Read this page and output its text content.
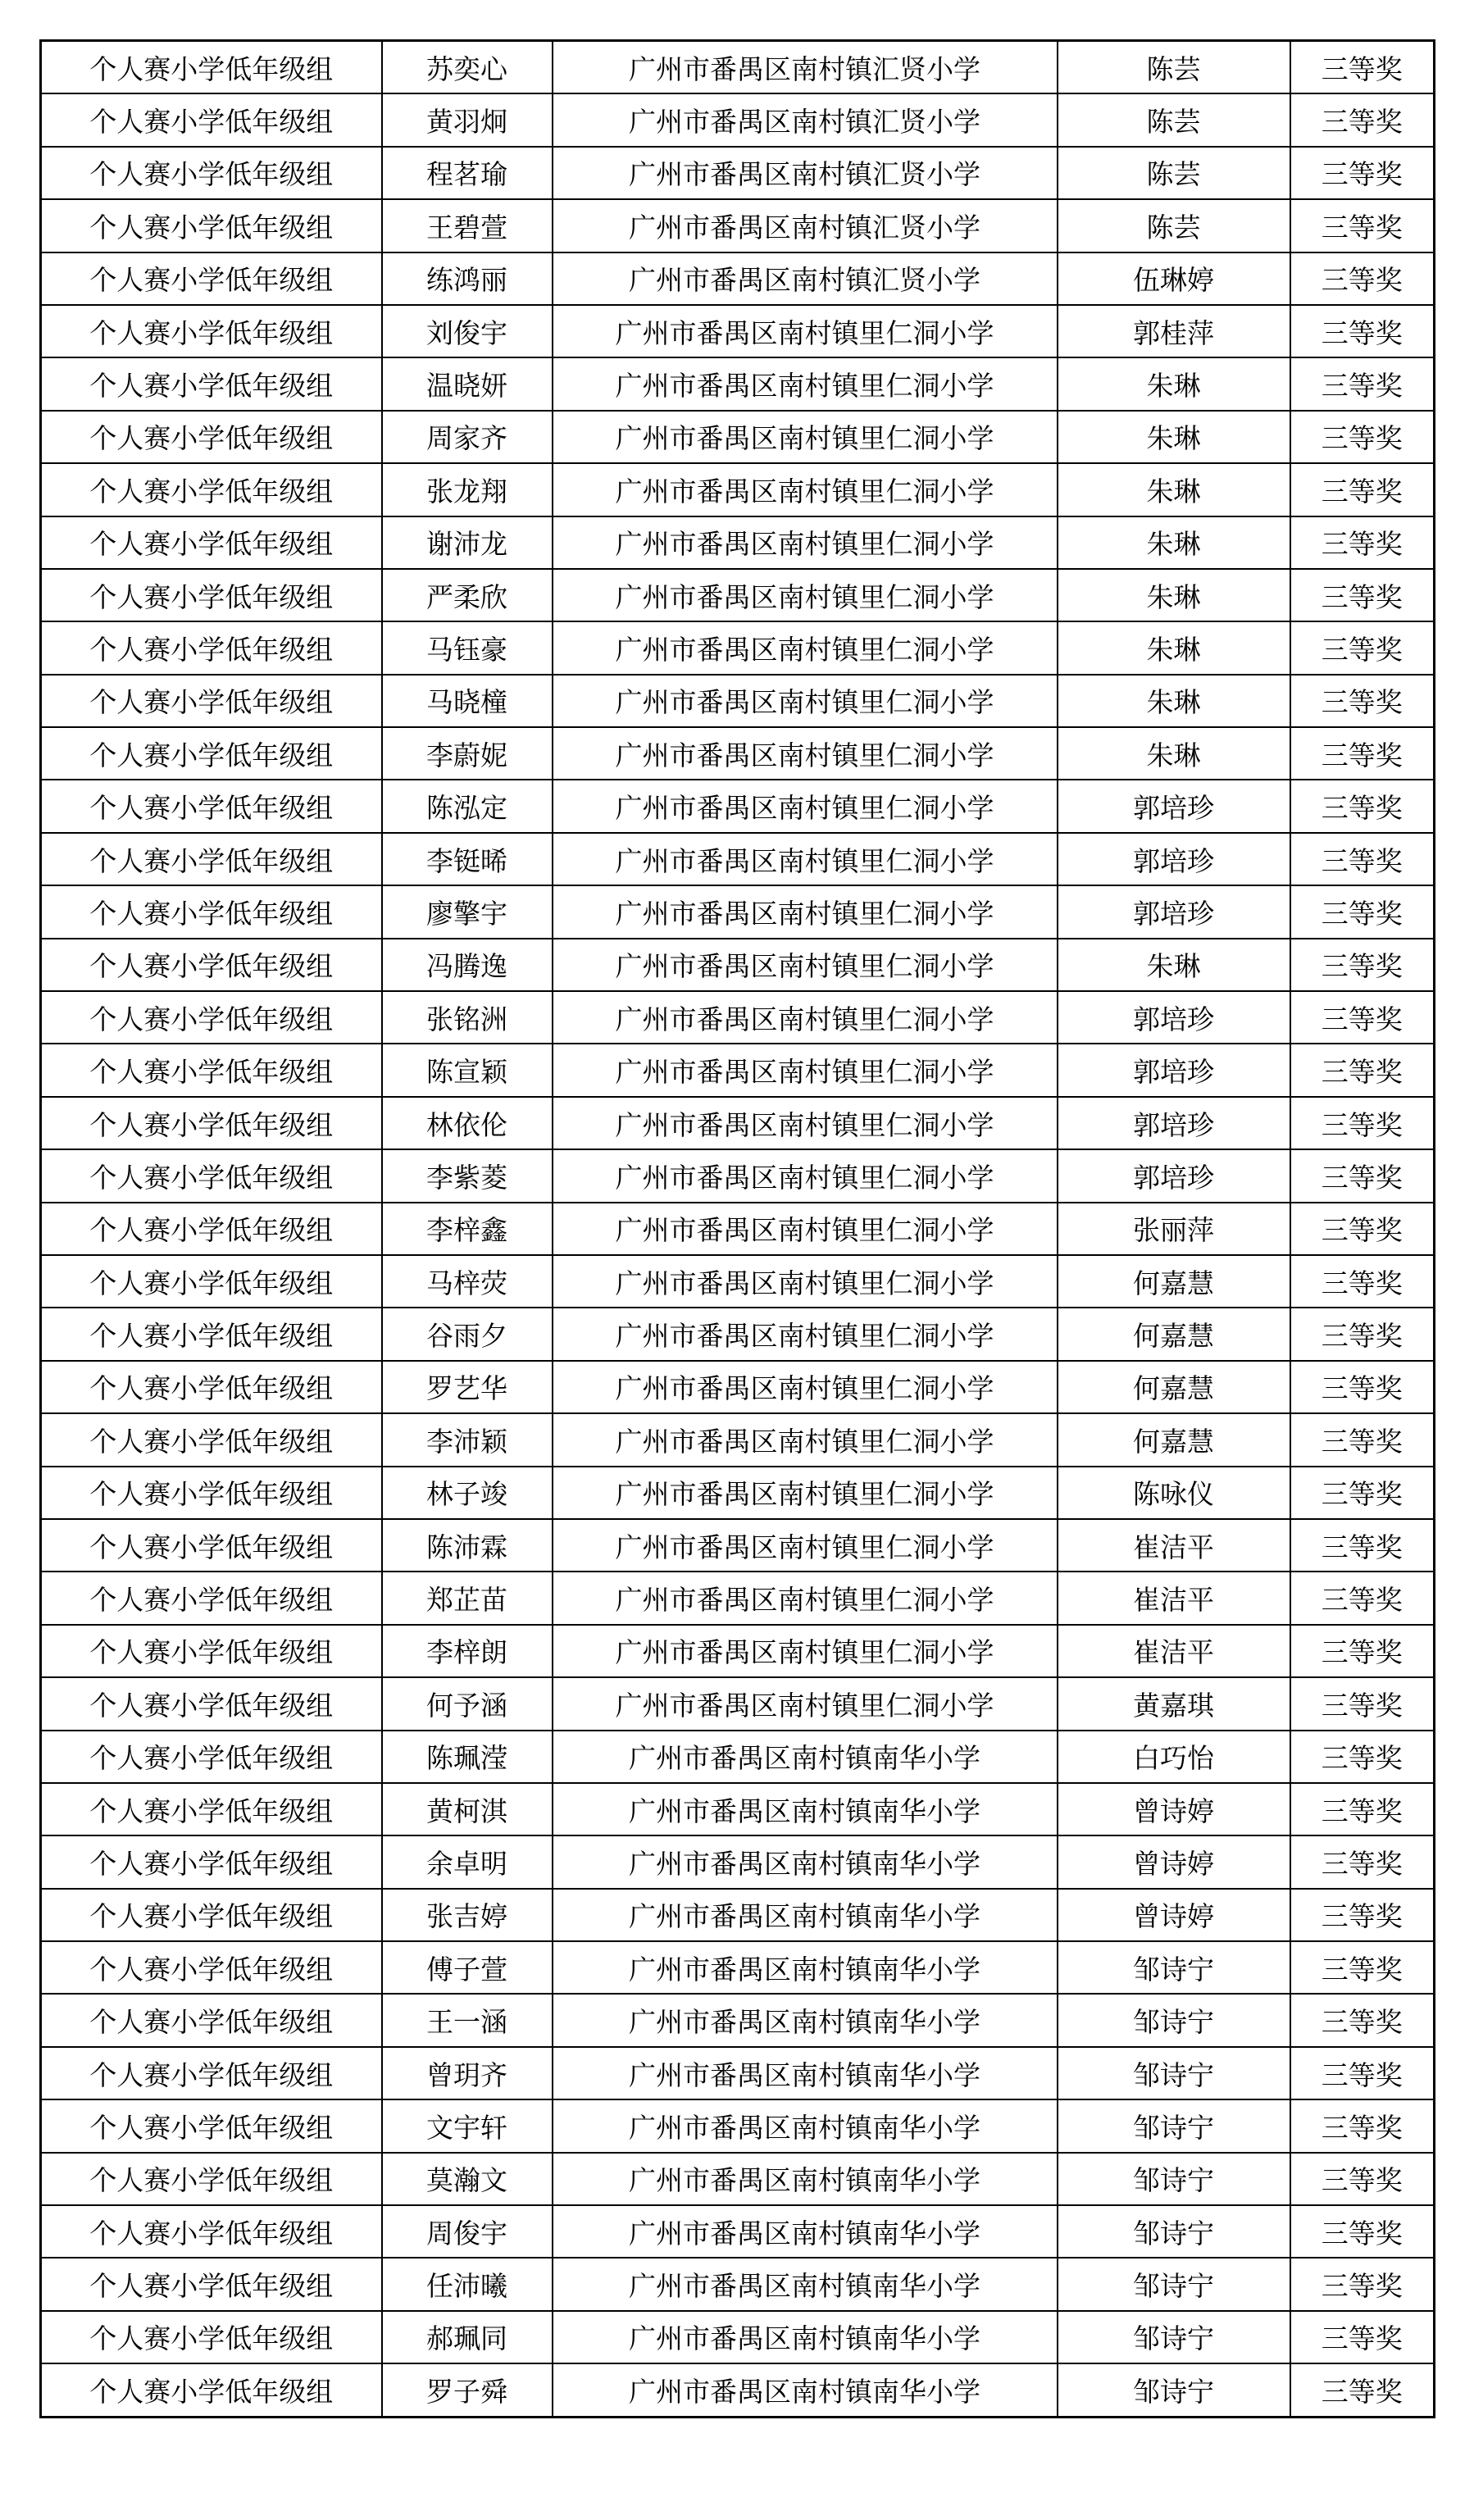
个人赛小学低年级组	苏奕心	广州市番禺区南村镇汇贤小学	陈芸	三等奖
个人赛小学低年级组	黄羽炯	广州市番禺区南村镇汇贤小学	陈芸	三等奖
个人赛小学低年级组	程茗瑜	广州市番禺区南村镇汇贤小学	陈芸	三等奖
个人赛小学低年级组	王碧萱	广州市番禺区南村镇汇贤小学	陈芸	三等奖
个人赛小学低年级组	练鸿丽	广州市番禺区南村镇汇贤小学	伍琳婷	三等奖
个人赛小学低年级组	刘俊宇	广州市番禺区南村镇里仁洞小学	郭桂萍	三等奖
个人赛小学低年级组	温晓妍	广州市番禺区南村镇里仁洞小学	朱琳	三等奖
个人赛小学低年级组	周家齐	广州市番禺区南村镇里仁洞小学	朱琳	三等奖
个人赛小学低年级组	张龙翔	广州市番禺区南村镇里仁洞小学	朱琳	三等奖
个人赛小学低年级组	谢沛龙	广州市番禺区南村镇里仁洞小学	朱琳	三等奖
个人赛小学低年级组	严柔欣	广州市番禺区南村镇里仁洞小学	朱琳	三等奖
个人赛小学低年级组	马钰豪	广州市番禺区南村镇里仁洞小学	朱琳	三等奖
个人赛小学低年级组	马晓橦	广州市番禺区南村镇里仁洞小学	朱琳	三等奖
个人赛小学低年级组	李蔚妮	广州市番禺区南村镇里仁洞小学	朱琳	三等奖
个人赛小学低年级组	陈泓定	广州市番禺区南村镇里仁洞小学	郭培珍	三等奖
个人赛小学低年级组	李铤晞	广州市番禺区南村镇里仁洞小学	郭培珍	三等奖
个人赛小学低年级组	廖擎宇	广州市番禺区南村镇里仁洞小学	郭培珍	三等奖
个人赛小学低年级组	冯腾逸	广州市番禺区南村镇里仁洞小学	朱琳	三等奖
个人赛小学低年级组	张铭洲	广州市番禺区南村镇里仁洞小学	郭培珍	三等奖
个人赛小学低年级组	陈宣颖	广州市番禺区南村镇里仁洞小学	郭培珍	三等奖
个人赛小学低年级组	林依伦	广州市番禺区南村镇里仁洞小学	郭培珍	三等奖
个人赛小学低年级组	李紫菱	广州市番禺区南村镇里仁洞小学	郭培珍	三等奖
个人赛小学低年级组	李梓鑫	广州市番禺区南村镇里仁洞小学	张丽萍	三等奖
个人赛小学低年级组	马梓荧	广州市番禺区南村镇里仁洞小学	何嘉慧	三等奖
个人赛小学低年级组	谷雨夕	广州市番禺区南村镇里仁洞小学	何嘉慧	三等奖
个人赛小学低年级组	罗艺华	广州市番禺区南村镇里仁洞小学	何嘉慧	三等奖
个人赛小学低年级组	李沛颖	广州市番禺区南村镇里仁洞小学	何嘉慧	三等奖
个人赛小学低年级组	林子竣	广州市番禺区南村镇里仁洞小学	陈咏仪	三等奖
个人赛小学低年级组	陈沛霖	广州市番禺区南村镇里仁洞小学	崔洁平	三等奖
个人赛小学低年级组	郑芷苗	广州市番禺区南村镇里仁洞小学	崔洁平	三等奖
个人赛小学低年级组	李梓朗	广州市番禺区南村镇里仁洞小学	崔洁平	三等奖
个人赛小学低年级组	何予涵	广州市番禺区南村镇里仁洞小学	黄嘉琪	三等奖
个人赛小学低年级组	陈珮滢	广州市番禺区南村镇南华小学	白巧怡	三等奖
个人赛小学低年级组	黄柯淇	广州市番禺区南村镇南华小学	曾诗婷	三等奖
个人赛小学低年级组	余卓明	广州市番禺区南村镇南华小学	曾诗婷	三等奖
个人赛小学低年级组	张吉婷	广州市番禺区南村镇南华小学	曾诗婷	三等奖
个人赛小学低年级组	傅子萱	广州市番禺区南村镇南华小学	邹诗宁	三等奖
个人赛小学低年级组	王一涵	广州市番禺区南村镇南华小学	邹诗宁	三等奖
个人赛小学低年级组	曾玥齐	广州市番禺区南村镇南华小学	邹诗宁	三等奖
个人赛小学低年级组	文宇轩	广州市番禺区南村镇南华小学	邹诗宁	三等奖
个人赛小学低年级组	莫瀚文	广州市番禺区南村镇南华小学	邹诗宁	三等奖
个人赛小学低年级组	周俊宇	广州市番禺区南村镇南华小学	邹诗宁	三等奖
个人赛小学低年级组	任沛曦	广州市番禺区南村镇南华小学	邹诗宁	三等奖
个人赛小学低年级组	郝珮同	广州市番禺区南村镇南华小学	邹诗宁	三等奖
个人赛小学低年级组	罗子舜	广州市番禺区南村镇南华小学	邹诗宁	三等奖
